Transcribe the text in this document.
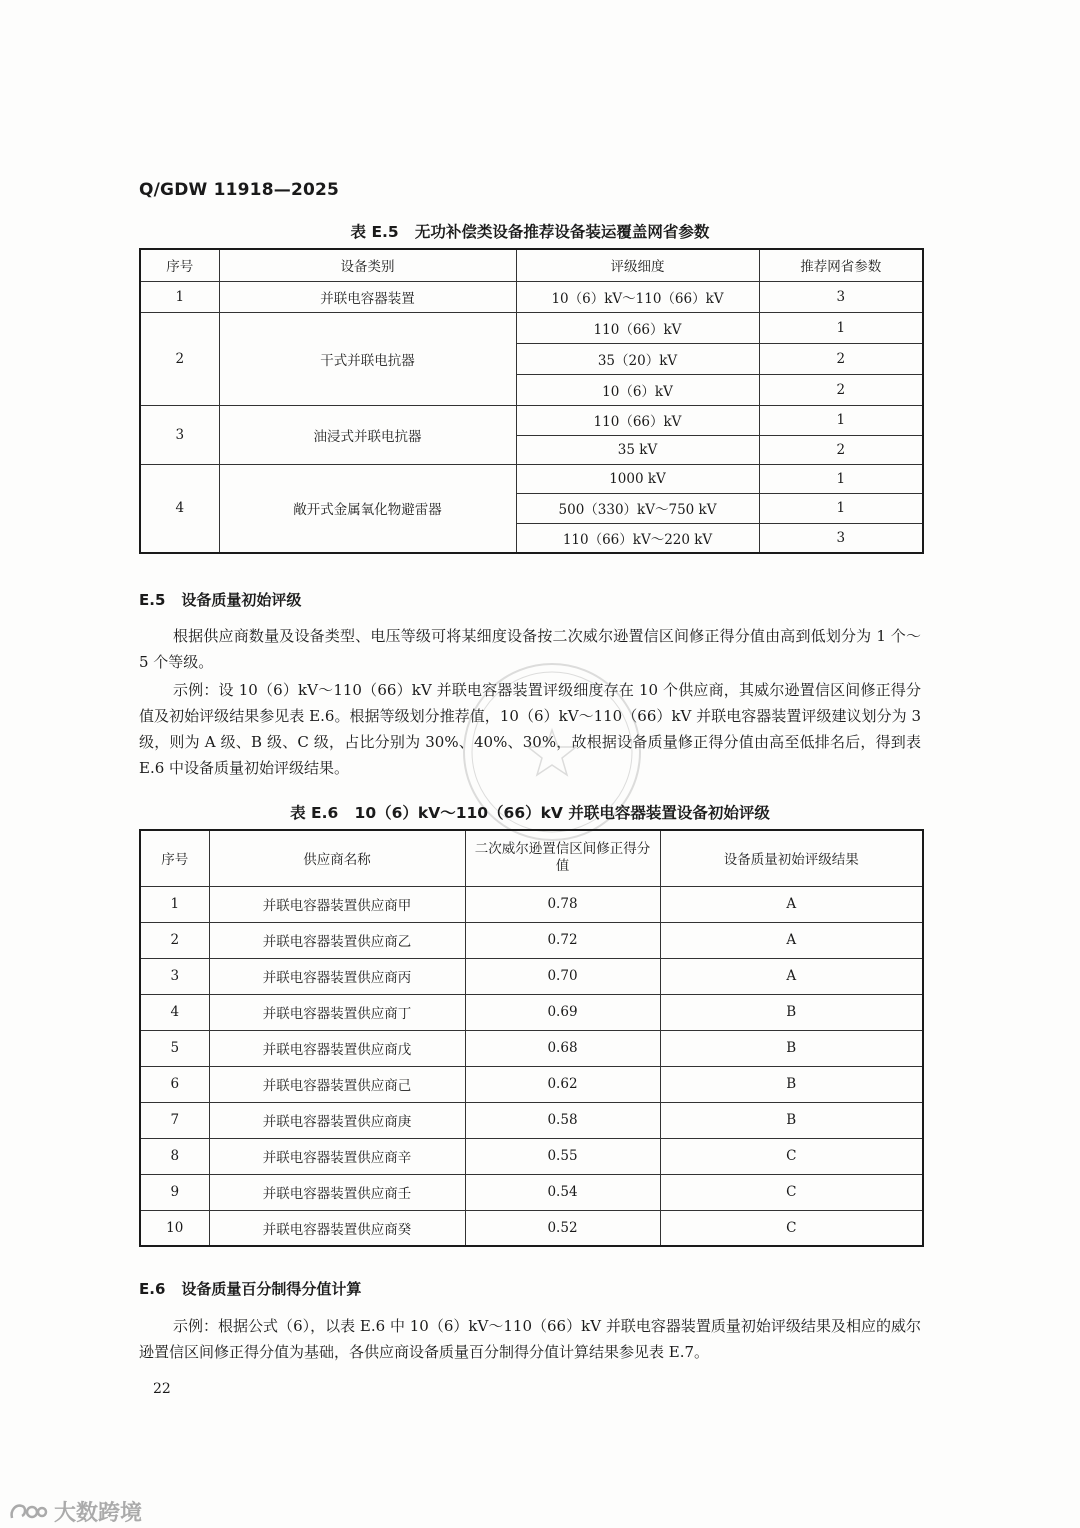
Q/GDW 11918—2025
表 E.5 无功补偿类设备推荐设备装运覆盖网省参数
序号	设备类别	评级细度	推荐网省参数
1	并联电容器装置	10（6）kV～110（66）kV	3
2	干式并联电抗器	110（66）kV	1
		35（20）kV	2
		10（6）kV	2
3	油浸式并联电抗器	110（66）kV	1
		35 kV	2
4	敞开式金属氧化物避雷器	1000 kV	1
		500（330）kV～750 kV	1
		110（66）kV～220 kV	3
E.5 设备质量初始评级
根据供应商数量及设备类型、电压等级可将某细度设备按二次威尔逊置信区间修正得分值由高到低划分为 1 个～5 个等级。
示例：设 10（6）kV～110（66）kV 并联电容器装置评级细度存在 10 个供应商，其威尔逊置信区间修正得分值及初始评级结果参见表 E.6。根据等级划分推荐值，10（6）kV～110（66）kV 并联电容器装置评级建议划分为 3 级，则为 A 级、B 级、C 级，占比分别为 30%、40%、30%，故根据设备质量修正得分值由高至低排名后，得到表 E.6 中设备质量初始评级结果。
表 E.6 10（6）kV～110（66）kV 并联电容器装置设备初始评级
序号	供应商名称	二次威尔逊置信区间修正得分值	设备质量初始评级结果
1	并联电容器装置供应商甲	0.78	A
2	并联电容器装置供应商乙	0.72	A
3	并联电容器装置供应商丙	0.70	A
4	并联电容器装置供应商丁	0.69	B
5	并联电容器装置供应商戊	0.68	B
6	并联电容器装置供应商己	0.62	B
7	并联电容器装置供应商庚	0.58	B
8	并联电容器装置供应商辛	0.55	C
9	并联电容器装置供应商壬	0.54	C
10	并联电容器装置供应商癸	0.52	C
E.6 设备质量百分制得分值计算
示例：根据公式（6），以表 E.6 中 10（6）kV～110（66）kV 并联电容器装置质量初始评级结果及相应的威尔逊置信区间修正得分值为基础，各供应商设备质量百分制得分值计算结果参见表 E.7。
22
大数跨境
